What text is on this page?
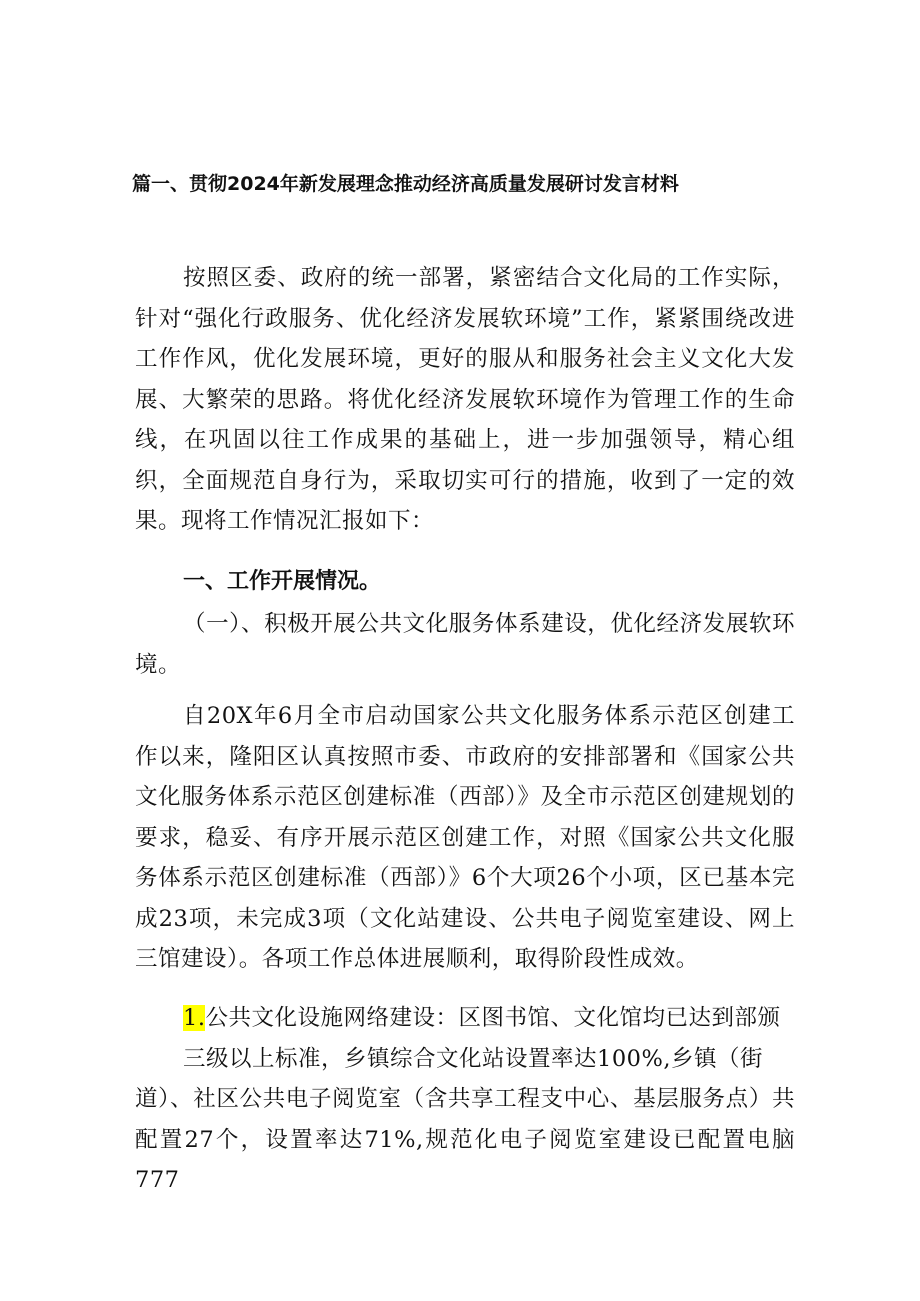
篇一、贯彻2024年新发展理念推动经济高质量发展研讨发言材料

按照区委、政府的统一部署，紧密结合文化局的工作实际，针对“强化行政服务、优化经济发展软环境”工作，紧紧围绕改进工作作风，优化发展环境，更好的服从和服务社会主义文化大发展、大繁荣的思路。将优化经济发展软环境作为管理工作的生命线，在巩固以往工作成果的基础上，进一步加强领导，精心组织，全面规范自身行为，采取切实可行的措施，收到了一定的效果。现将工作情况汇报如下：

一、工作开展情况。

（一）、积极开展公共文化服务体系建设，优化经济发展软环境。

自20X年6月全市启动国家公共文化服务体系示范区创建工作以来，隆阳区认真按照市委、市政府的安排部署和《国家公共文化服务体系示范区创建标准（西部）》及全市示范区创建规划的要求，稳妥、有序开展示范区创建工作，对照《国家公共文化服务体系示范区创建标准（西部）》6个大项26个小项，区已基本完成23项，未完成3项（文化站建设、公共电子阅览室建设、网上三馆建设）。各项工作总体进展顺利，取得阶段性成效。

1.公共文化设施网络建设：区图书馆、文化馆均已达到部颁
三级以上标准，乡镇综合文化站设置率达100%,乡镇（街
道）、社区公共电子阅览室（含共享工程支中心、基层服务点）共配置27个，设置率达71%,规范化电子阅览室建设已配置电脑777
